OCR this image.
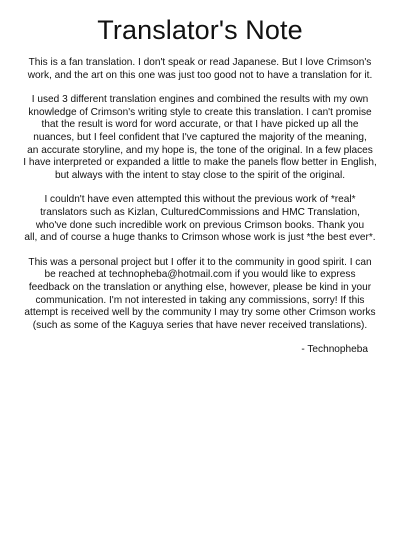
Translator's Note

This is a fan translation. I don't speak or read Japanese. But I love Crimson's
work, and the art on this one was just too good not to have a translation for it.

I used 3 different translation engines and combined the results with my own
knowledge of Crimson's writing style to create this translation. I can't promise
that the result is word for word accurate, or that I have picked up all the
nuances, but I feel confident that I've captured the majority of the meaning,
an accurate storyline, and my hope is, the tone of the original. In a few places
I have interpreted or expanded a little to make the panels flow better in English,
but always with the intent to stay close to the spirit of the original.

I couldn't have even attempted this without the previous work of *real*
translators such as Kizlan, CulturedCommissions and HMC Translation,
who've done such incredible work on previous Crimson books. Thank you
all, and of course a huge thanks to Crimson whose work is just *the best ever*.

This was a personal project but I offer it to the community in good spirit. I can
be reached at technopheba@hotmail.com if you would like to express
feedback on the translation or anything else, however, please be kind in your
communication. I'm not interested in taking any commissions, sorry! If this
attempt is received well by the community I may try some other Crimson works
(such as some of the Kaguya series that have never received translations).

- Technopheba
